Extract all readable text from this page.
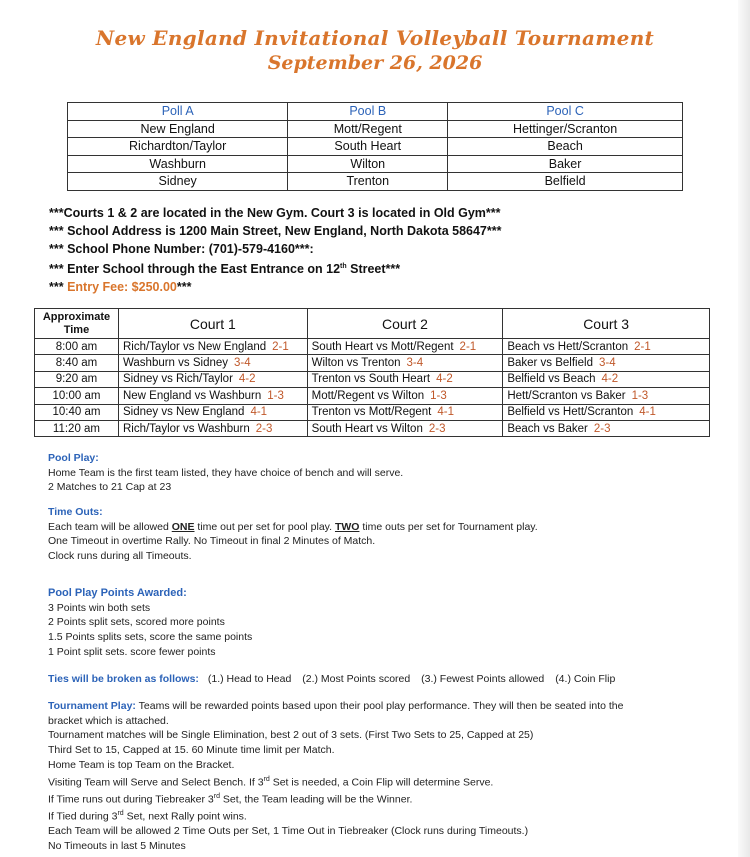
New England Invitational Volleyball Tournament
September 26, 2026
Poll A	Pool B	Pool C
New England	Mott/Regent	Hettinger/Scranton
Richardton/Taylor	South Heart	Beach
Washburn	Wilton	Baker
Sidney	Trenton	Belfield
***Courts 1 & 2 are located in the New Gym. Court 3 is located in Old Gym***
*** School Address is 1200 Main Street, New England, North Dakota 58647***
*** School Phone Number: (701)-579-4160***:
*** Enter School through the East Entrance on 12th Street***
*** Entry Fee: $250.00***
Approximate
Time	Court 1	Court 2	Court 3
8:00 am	Rich/Taylor vs New England 2-1	South Heart vs Mott/Regent 2-1	Beach vs Hett/Scranton 2-1
8:40 am	Washburn vs Sidney 3-4	Wilton vs Trenton 3-4	Baker vs Belfield 3-4
9:20 am	Sidney vs Rich/Taylor 4-2	Trenton vs South Heart 4-2	Belfield vs Beach 4-2
10:00 am	New England vs Washburn 1-3	Mott/Regent vs Wilton 1-3	Hett/Scranton vs Baker 1-3
10:40 am	Sidney vs New England 4-1	Trenton vs Mott/Regent 4-1	Belfield vs Hett/Scranton 4-1
11:20 am	Rich/Taylor vs Washburn 2-3	South Heart vs Wilton 2-3	Beach vs Baker 2-3
Pool Play:
Home Team is the first team listed, they have choice of bench and will serve.
2 Matches to 21 Cap at 23
Time Outs:
Each team will be allowed ONE time out per set for pool play. TWO time outs per set for Tournament play.
One Timeout in overtime Rally. No Timeout in final 2 Minutes of Match.
Clock runs during all Timeouts.
Pool Play Points Awarded:
3 Points win both sets
2 Points split sets, scored more points
1.5 Points splits sets, score the same points
1 Point split sets. score fewer points
Ties will be broken as follows: (1.) Head to Head (2.) Most Points scored (3.) Fewest Points allowed (4.) Coin Flip
Tournament Play: Teams will be rewarded points based upon their pool play performance. They will then be seated into the
bracket which is attached.
Tournament matches will be Single Elimination, best 2 out of 3 sets. (First Two Sets to 25, Capped at 25)
Third Set to 15, Capped at 15. 60 Minute time limit per Match.
Home Team is top Team on the Bracket.
Visiting Team will Serve and Select Bench. If 3rd Set is needed, a Coin Flip will determine Serve.
If Time runs out during Tiebreaker 3rd Set, the Team leading will be the Winner.
If Tied during 3rd Set, next Rally point wins.
Each Team will be allowed 2 Time Outs per Set, 1 Time Out in Tiebreaker (Clock runs during Timeouts.)
No Timeouts in last 5 Minutes
